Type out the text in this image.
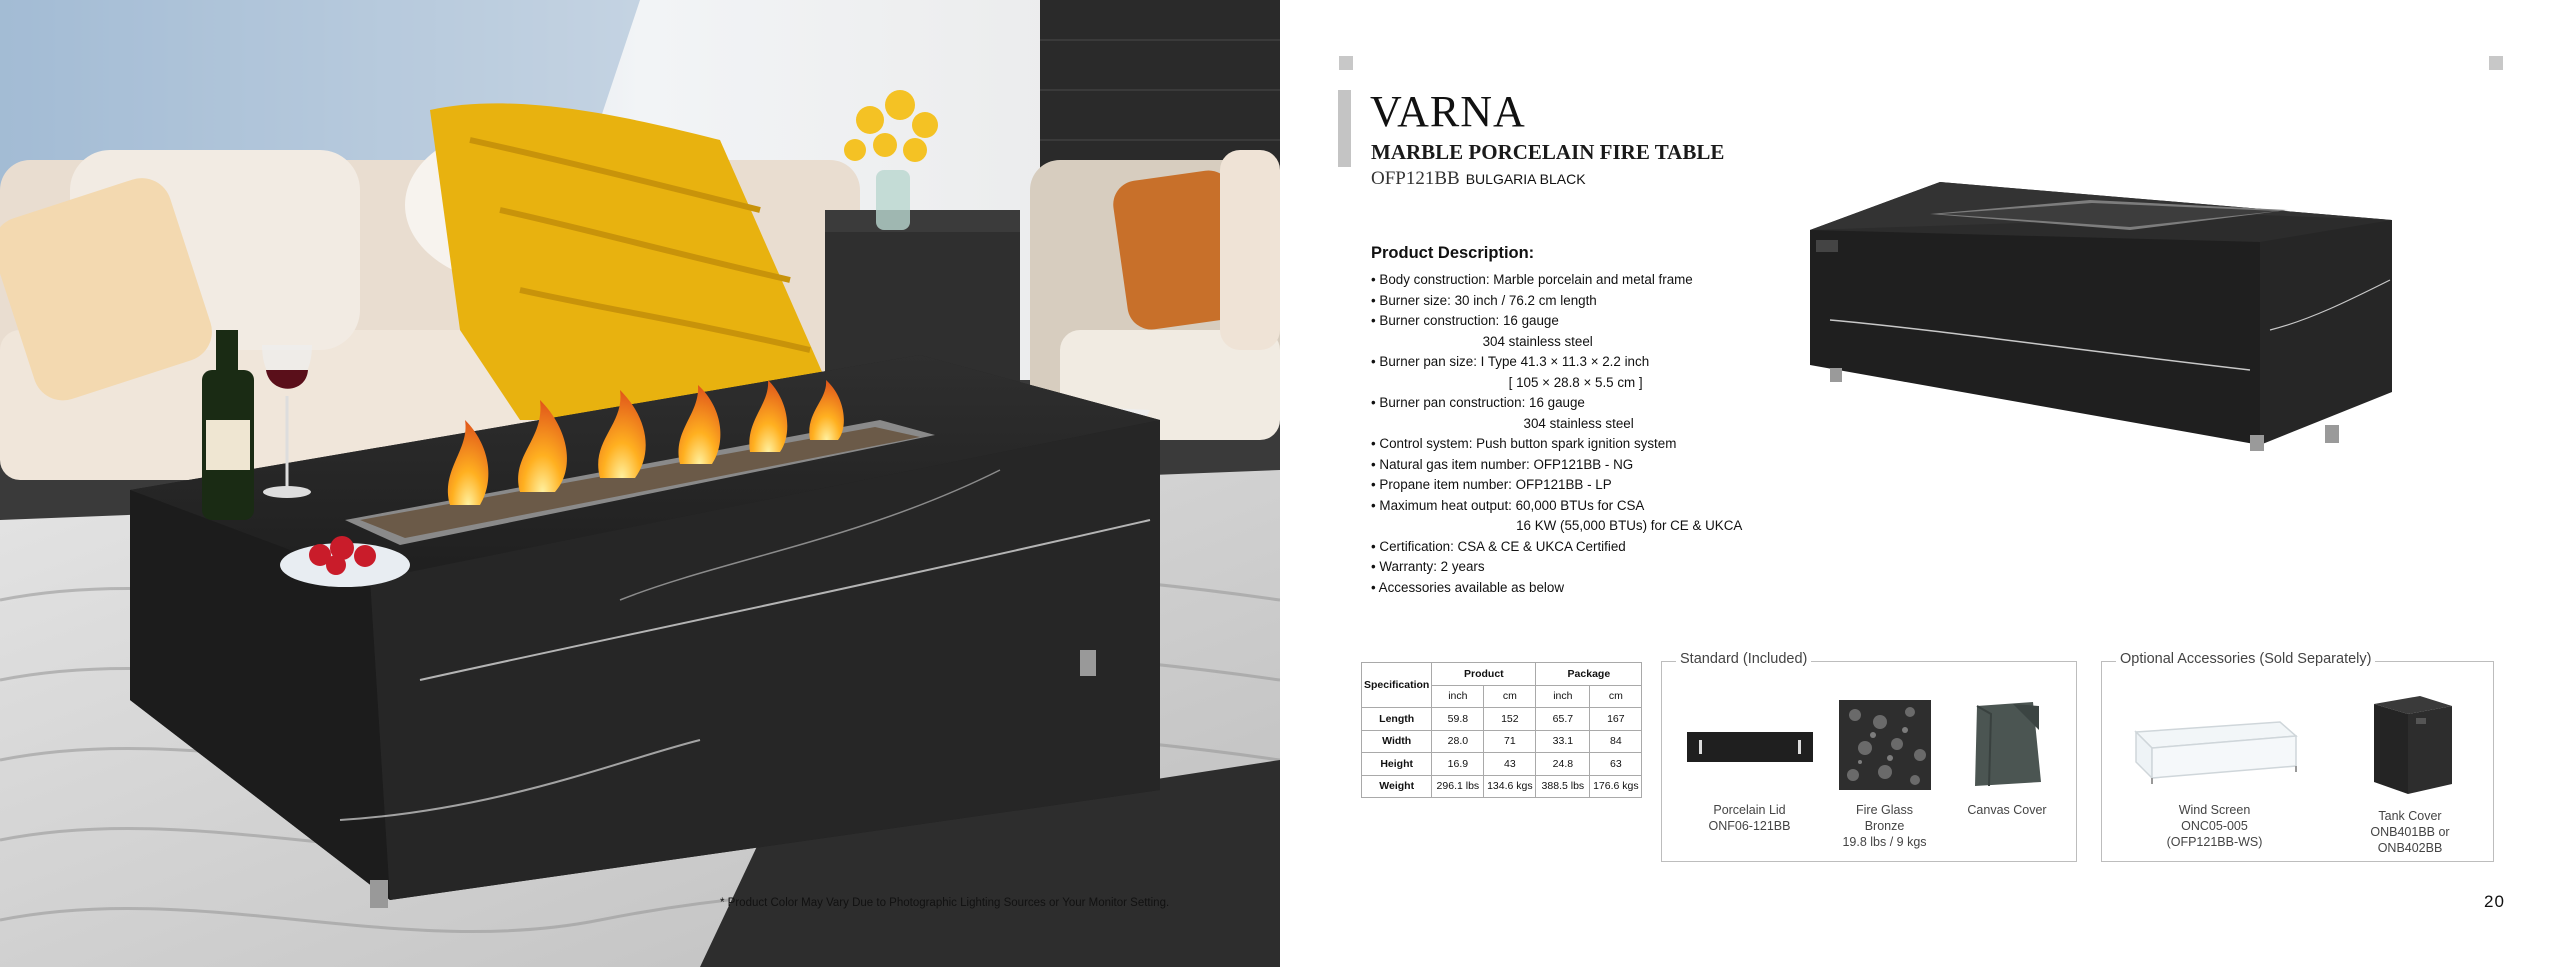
* Product Color May Vary Due to Photographic Lighting Sources or Your Monitor Setting.
VARNA
MARBLE PORCELAIN FIRE TABLE
OFP121BB BULGARIA BLACK
Product Description:
• Body construction: Marble porcelain and metal frame
• Burner size: 30 inch / 76.2 cm length
• Burner construction: 16 gauge
304 stainless steel
• Burner pan size: I Type 41.3 × 11.3 × 2.2 inch
[ 105 × 28.8 × 5.5 cm ]
• Burner pan construction: 16 gauge
304 stainless steel
• Control system: Push button spark ignition system
• Natural gas item number: OFP121BB - NG
• Propane item number: OFP121BB - LP
• Maximum heat output: 60,000 BTUs for CSA
16 KW (55,000 BTUs) for CE & UKCA
• Certification: CSA & CE & UKCA Certified
• Warranty: 2 years
• Accessories available as below
Specification	Product		Package	
	inch	cm	inch	cm
Length	59.8	152	65.7	167
Width	28.0	71	33.1	84
Height	16.9	43	24.8	63
Weight	296.1 lbs	134.6 kgs	388.5 lbs	176.6 kgs
Standard (Included)
Porcelain Lid
ONF06-121BB
Fire Glass
Bronze
19.8 lbs / 9 kgs
Canvas Cover
Optional Accessories (Sold Separately)
Wind Screen
ONC05-005
(OFP121BB-WS)
Tank Cover
ONB401BB or
ONB402BB
20
